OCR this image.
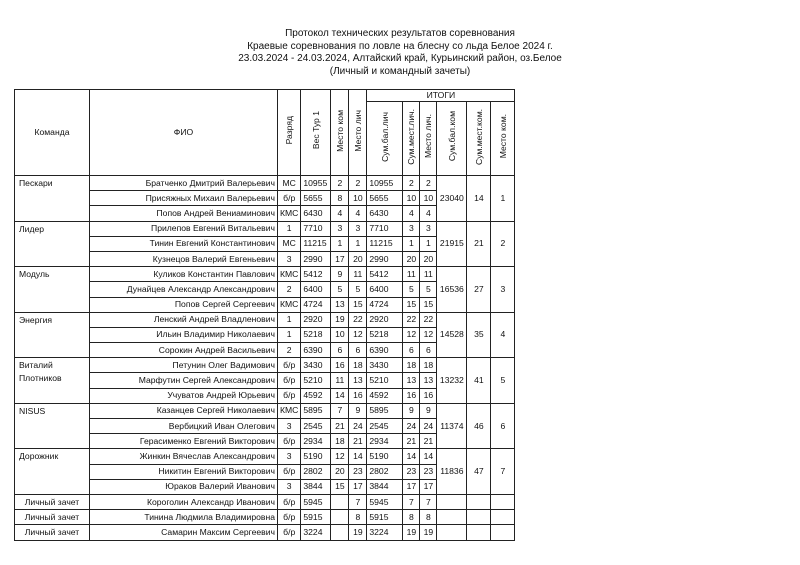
Протокол технических результатов соревнования
Краевые соревнования по ловле на блесну со льда Белое 2024 г.
23.03.2024 - 24.03.2024, Алтайский край, Курьинский район, оз.Белое
(Личный и командный зачеты)
Команда	ФИО	Разряд	Вес Тур 1	Место ком	Место лич	ИТОГИ					
						Сум.бал.лич	Сум.мест.лич.	Место лич.	Сум.бал.ком	Сум.мест.ком.	Место ком.
Пескари	Братченко Дмитрий Валерьевич	МС	10955	2	2	10955	2	2	23040	14	1
	Присяжных Михаил Валерьевич	б/р	5655	8	10	5655	10	10			
	Попов Андрей Вениаминович	КМС	6430	4	4	6430	4	4			
Лидер	Прилепов Евгений Витальевич	1	7710	3	3	7710	3	3	21915	21	2
	Тинин Евгений Константинович	МС	11215	1	1	11215	1	1			
	Кузнецов Валерий Евгеньевич	3	2990	17	20	2990	20	20			
Модуль	Куликов Константин Павлович	КМС	5412	9	11	5412	11	11	16536	27	3
	Дунайцев Александр Александрович	2	6400	5	5	6400	5	5			
	Попов Сергей Сергеевич	КМС	4724	13	15	4724	15	15			
Энергия	Ленский Андрей Владленович	1	2920	19	22	2920	22	22	14528	35	4
	Ильин Владимир Николаевич	1	5218	10	12	5218	12	12			
	Сорокин Андрей Васильевич	2	6390	6	6	6390	6	6			
Виталий Плотников	Петунин Олег Вадимович	б/р	3430	16	18	3430	18	18	13232	41	5
	Марфутин Сергей Александрович	б/р	5210	11	13	5210	13	13			
	Учуватов Андрей Юрьевич	б/р	4592	14	16	4592	16	16			
NISUS	Казанцев Сергей Николаевич	КМС	5895	7	9	5895	9	9	11374	46	6
	Вербицкий Иван Олегович	3	2545	21	24	2545	24	24			
	Герасименко Евгений Викторович	б/р	2934	18	21	2934	21	21			
Дорожник	Жинкин Вячеслав Александрович	3	5190	12	14	5190	14	14	11836	47	7
	Никитин Евгений Викторович	б/р	2802	20	23	2802	23	23			
	Юраков Валерий Иванович	3	3844	15	17	3844	17	17			
Личный зачет	Короголин Александр Иванович	б/р	5945		7	5945	7	7			
Личный зачет	Тинина Людмила Владимировна	б/р	5915		8	5915	8	8			
Личный зачет	Самарин Максим Сергеевич	б/р	3224		19	3224	19	19			
